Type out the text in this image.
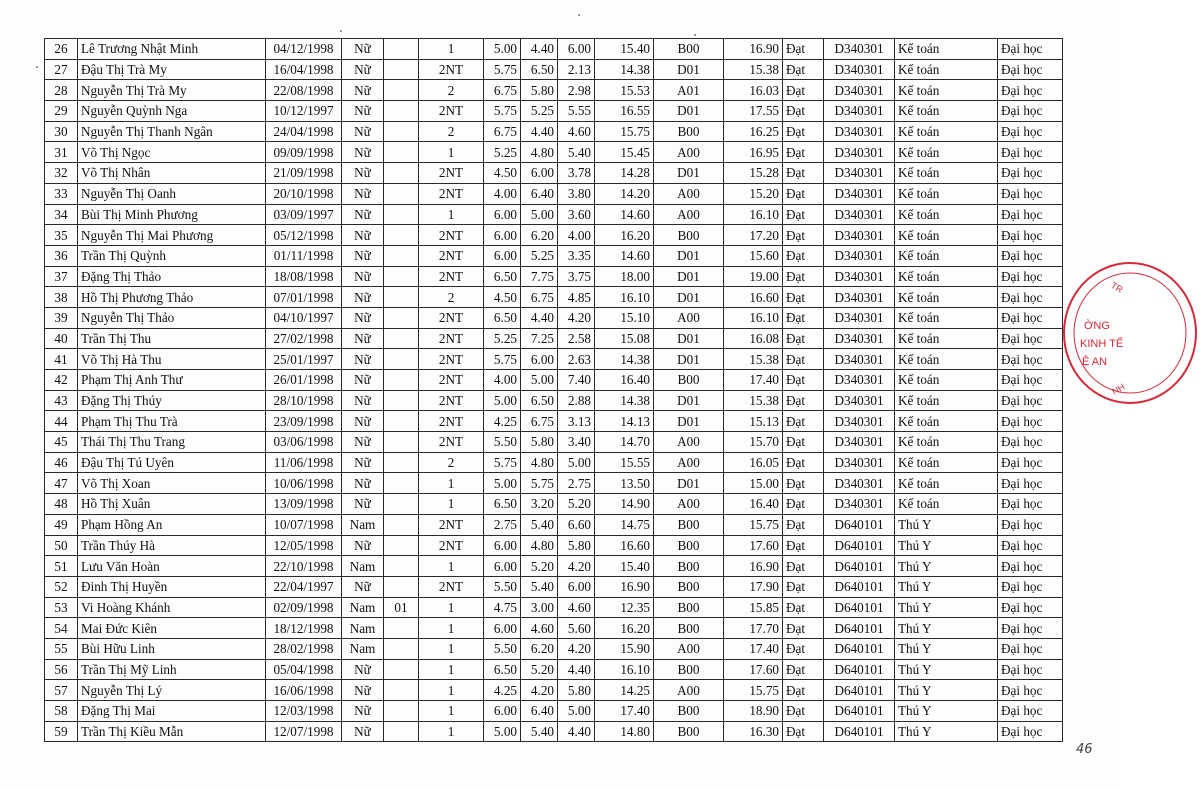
26	Lê Trương Nhật Minh	04/12/1998	Nữ		1	5.00	4.40	6.00	15.40	B00	16.90	Đạt	D340301	Kế toán	Đại học
27	Đậu Thị Trà My	16/04/1998	Nữ		2NT	5.75	6.50	2.13	14.38	D01	15.38	Đạt	D340301	Kế toán	Đại học
28	Nguyễn Thị Trà My	22/08/1998	Nữ		2	6.75	5.80	2.98	15.53	A01	16.03	Đạt	D340301	Kế toán	Đại học
29	Nguyễn Quỳnh Nga	10/12/1997	Nữ		2NT	5.75	5.25	5.55	16.55	D01	17.55	Đạt	D340301	Kế toán	Đại học
30	Nguyễn Thị Thanh Ngân	24/04/1998	Nữ		2	6.75	4.40	4.60	15.75	B00	16.25	Đạt	D340301	Kế toán	Đại học
31	Võ Thị Ngọc	09/09/1998	Nữ		1	5.25	4.80	5.40	15.45	A00	16.95	Đạt	D340301	Kế toán	Đại học
32	Võ Thị Nhân	21/09/1998	Nữ		2NT	4.50	6.00	3.78	14.28	D01	15.28	Đạt	D340301	Kế toán	Đại học
33	Nguyễn Thị Oanh	20/10/1998	Nữ		2NT	4.00	6.40	3.80	14.20	A00	15.20	Đạt	D340301	Kế toán	Đại học
34	Bùi Thị Minh Phương	03/09/1997	Nữ		1	6.00	5.00	3.60	14.60	A00	16.10	Đạt	D340301	Kế toán	Đại học
35	Nguyễn Thị Mai Phương	05/12/1998	Nữ		2NT	6.00	6.20	4.00	16.20	B00	17.20	Đạt	D340301	Kế toán	Đại học
36	Trần Thị Quỳnh	01/11/1998	Nữ		2NT	6.00	5.25	3.35	14.60	D01	15.60	Đạt	D340301	Kế toán	Đại học
37	Đặng Thị Thảo	18/08/1998	Nữ		2NT	6.50	7.75	3.75	18.00	D01	19.00	Đạt	D340301	Kế toán	Đại học
38	Hồ Thị Phương Thảo	07/01/1998	Nữ		2	4.50	6.75	4.85	16.10	D01	16.60	Đạt	D340301	Kế toán	Đại học
39	Nguyễn Thị Thảo	04/10/1997	Nữ		2NT	6.50	4.40	4.20	15.10	A00	16.10	Đạt	D340301	Kế toán	Đại học
40	Trần Thị Thu	27/02/1998	Nữ		2NT	5.25	7.25	2.58	15.08	D01	16.08	Đạt	D340301	Kế toán	Đại học
41	Võ Thị Hà Thu	25/01/1997	Nữ		2NT	5.75	6.00	2.63	14.38	D01	15.38	Đạt	D340301	Kế toán	Đại học
42	Phạm Thị Anh Thư	26/01/1998	Nữ		2NT	4.00	5.00	7.40	16.40	B00	17.40	Đạt	D340301	Kế toán	Đại học
43	Đặng Thị Thúy	28/10/1998	Nữ		2NT	5.00	6.50	2.88	14.38	D01	15.38	Đạt	D340301	Kế toán	Đại học
44	Phạm Thị Thu Trà	23/09/1998	Nữ		2NT	4.25	6.75	3.13	14.13	D01	15.13	Đạt	D340301	Kế toán	Đại học
45	Thái Thị Thu Trang	03/06/1998	Nữ		2NT	5.50	5.80	3.40	14.70	A00	15.70	Đạt	D340301	Kế toán	Đại học
46	Đậu Thị Tú Uyên	11/06/1998	Nữ		2	5.75	4.80	5.00	15.55	A00	16.05	Đạt	D340301	Kế toán	Đại học
47	Võ Thị Xoan	10/06/1998	Nữ		1	5.00	5.75	2.75	13.50	D01	15.00	Đạt	D340301	Kế toán	Đại học
48	Hồ Thị Xuân	13/09/1998	Nữ		1	6.50	3.20	5.20	14.90	A00	16.40	Đạt	D340301	Kế toán	Đại học
49	Phạm Hồng An	10/07/1998	Nam		2NT	2.75	5.40	6.60	14.75	B00	15.75	Đạt	D640101	Thú Y	Đại học
50	Trần Thúy Hà	12/05/1998	Nữ		2NT	6.00	4.80	5.80	16.60	B00	17.60	Đạt	D640101	Thú Y	Đại học
51	Lưu Văn Hoàn	22/10/1998	Nam		1	6.00	5.20	4.20	15.40	B00	16.90	Đạt	D640101	Thú Y	Đại học
52	Đinh Thị Huyền	22/04/1997	Nữ		2NT	5.50	5.40	6.00	16.90	B00	17.90	Đạt	D640101	Thú Y	Đại học
53	Vi Hoàng Khánh	02/09/1998	Nam	01	1	4.75	3.00	4.60	12.35	B00	15.85	Đạt	D640101	Thú Y	Đại học
54	Mai Đức Kiên	18/12/1998	Nam		1	6.00	4.60	5.60	16.20	B00	17.70	Đạt	D640101	Thú Y	Đại học
55	Bùi Hữu Linh	28/02/1998	Nam		1	5.50	6.20	4.20	15.90	A00	17.40	Đạt	D640101	Thú Y	Đại học
56	Trần Thị Mỹ Linh	05/04/1998	Nữ		1	6.50	5.20	4.40	16.10	B00	17.60	Đạt	D640101	Thú Y	Đại học
57	Nguyễn Thị Lý	16/06/1998	Nữ		1	4.25	4.20	5.80	14.25	A00	15.75	Đạt	D640101	Thú Y	Đại học
58	Đặng Thị Mai	12/03/1998	Nữ		1	6.00	6.40	5.00	17.40	B00	18.90	Đạt	D640101	Thú Y	Đại học
59	Trần Thị Kiều Mẫn	12/07/1998	Nữ		1	5.00	5.40	4.40	14.80	B00	16.30	Đạt	D640101	Thú Y	Đại học
TR
ỜNG
KINH TẾ
Ệ AN
NH
46
